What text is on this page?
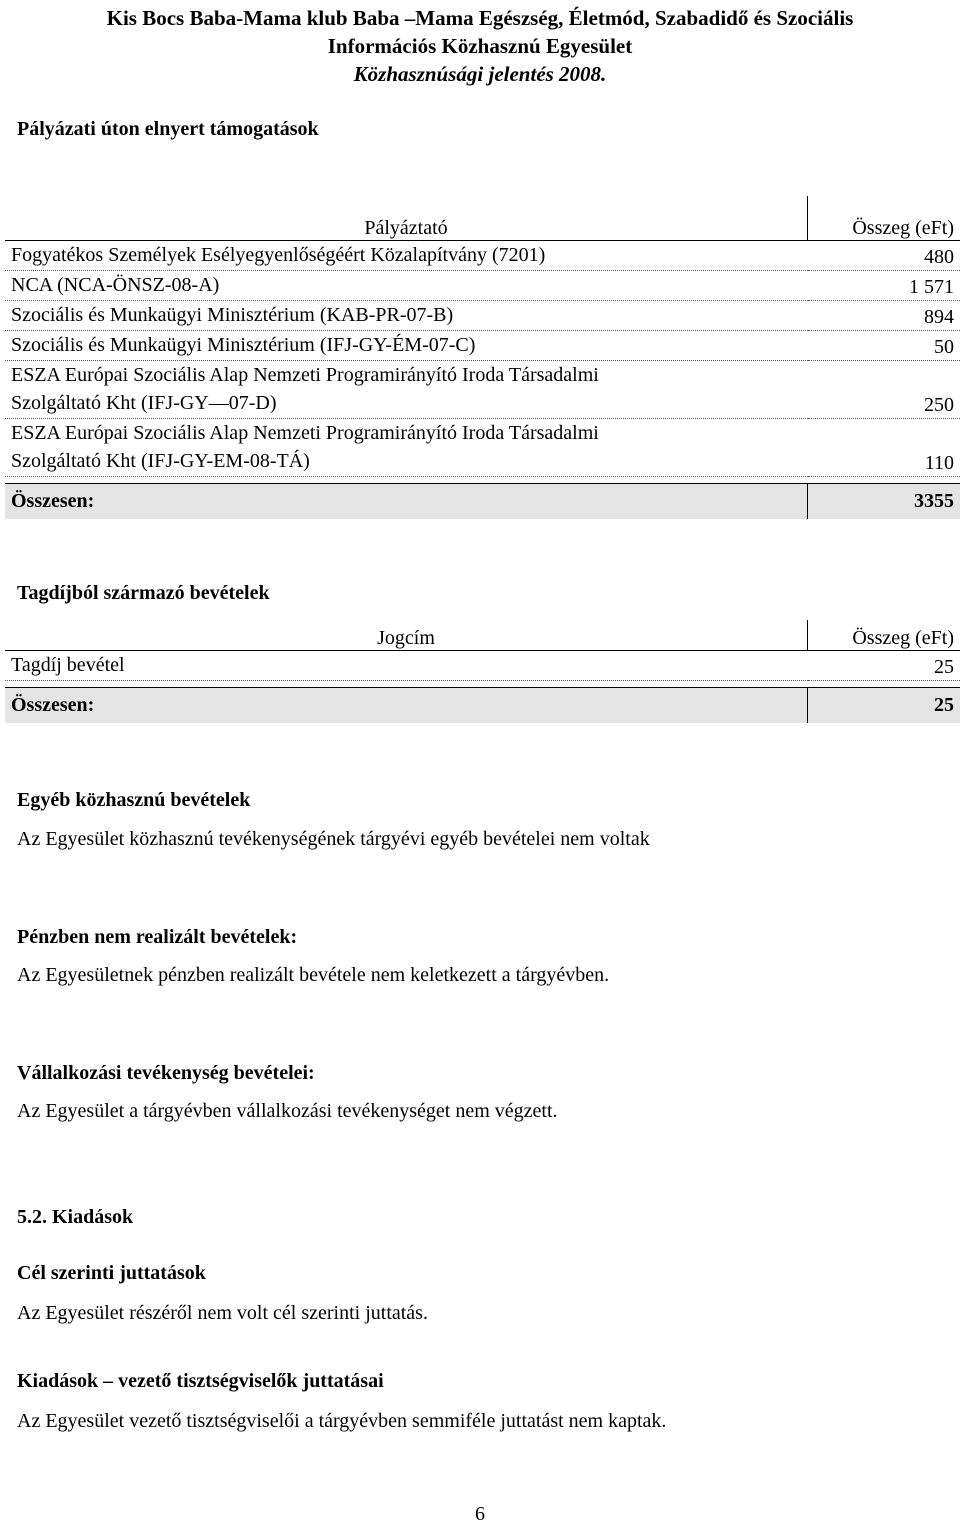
Kis Bocs Baba-Mama klub Baba –Mama Egészség, Életmód, Szabadidő és Szociális
Információs Közhasznú Egyesület
Közhasznúsági jelentés 2008.
Pályázati úton elnyert támogatások
Pályáztató	Összeg (eFt)
Fogyatékos Személyek Esélyegyenlőségéért Közalapítvány (7201)	480
NCA (NCA-ÖNSZ-08-A)	1 571
Szociális és Munkaügyi Minisztérium (KAB-PR-07-B)	894
Szociális és Munkaügyi Minisztérium (IFJ-GY-ÉM-07-C)	50
ESZA Európai Szociális Alap Nemzeti Programirányító Iroda Társadalmi Szolgáltató Kht (IFJ-GY—07-D)	250
ESZA Európai Szociális Alap Nemzeti Programirányító Iroda Társadalmi Szolgáltató Kht (IFJ-GY-EM-08-TÁ)	110

Összesen:	3355
Tagdíjból származó bevételek
Jogcím	Összeg (eFt)
Tagdíj bevétel	25

Összesen:	25
Egyéb közhasznú bevételek
Az Egyesület közhasznú tevékenységének tárgyévi egyéb bevételei nem voltak
Pénzben nem realizált bevételek:
Az Egyesületnek pénzben realizált bevétele nem keletkezett a tárgyévben.
Vállalkozási tevékenység bevételei:
Az Egyesület a tárgyévben vállalkozási tevékenységet nem végzett.
5.2. Kiadások
Cél szerinti juttatások
Az Egyesület részéről nem volt cél szerinti juttatás.
Kiadások – vezető tisztségviselők juttatásai
Az Egyesület vezető tisztségviselői a tárgyévben semmiféle juttatást nem kaptak.
6
